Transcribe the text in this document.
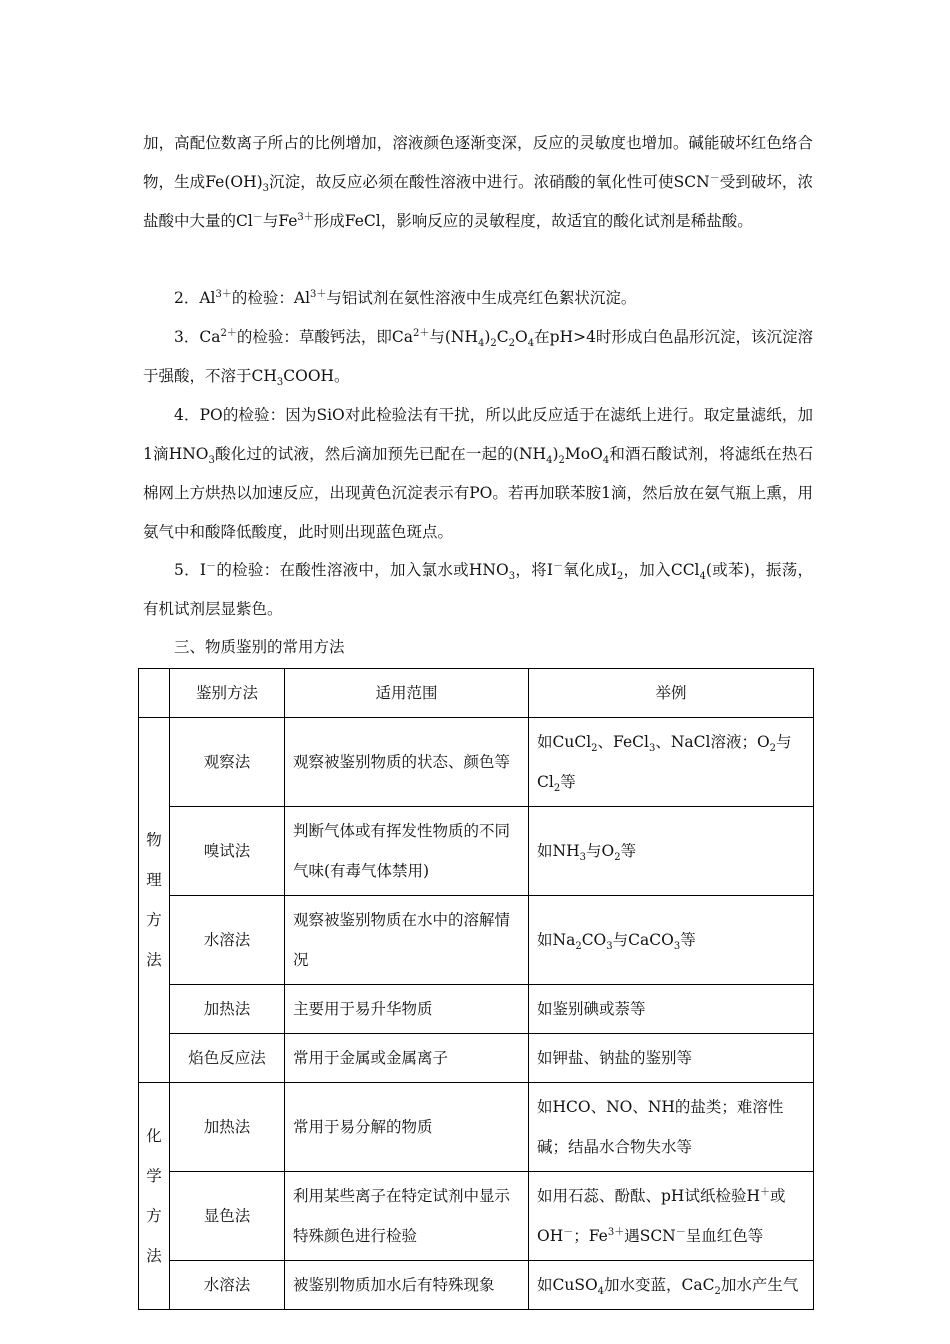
加，高配位数离子所占的比例增加，溶液颜色逐渐变深，反应的灵敏度也增加。碱能破坏红色络合物，生成$Fe(OH)_3$沉淀，故反应必须在酸性溶液中进行。浓硝酸的氧化性可使SCN－受到破坏，浓盐酸中大量的Cl－与$Fe^{3+}$形成FeCl，影响反应的灵敏程度，故适宜的酸化试剂是稀盐酸。

2．$Al^{3+}$的检验：$Al^{3+}$与铝试剂在氨性溶液中生成亮红色絮状沉淀。

3．$Ca^{2+}$的检验：草酸钙法，即$Ca^{2+}$与$(NH_4)_2C_2O_4$在pH>4时形成白色晶形沉淀，该沉淀溶于强酸，不溶于$CH_3COOH$。

4．PO的检验：因为SiO对此检验法有干扰，所以此反应适于在滤纸上进行。取定量滤纸，加1滴$HNO_3$酸化过的试液，然后滴加预先已配在一起的$(NH_4)_2MoO_4$和酒石酸试剂，将滤纸在热石棉网上方烘热以加速反应，出现黄色沉淀表示有PO。若再加联苯胺1滴，然后放在氨气瓶上熏，用氨气中和酸降低酸度，此时则出现蓝色斑点。

5．I－的检验：在酸性溶液中，加入氯水或$HNO_3$，将I－氧化成$I_2$，加入CCl$_4$(或苯)，振荡，有机试剂层显紫色。

三、物质鉴别的常用方法
	鉴别方法	适用范围	举例

物
理
方
法	观察法	观察被鉴别物质的状态、颜色等	如CuCl$_2$、FeCl$_3$、NaCl溶液；$O_2$与$Cl_2$等
	嗅试法	判断气体或有挥发性物质的不同气味(有毒气体禁用)	如$NH_3$与$O_2$等
	水溶法	观察被鉴别物质在水中的溶解情况	如$Na_2CO_3$与CaCO$_3$等
	加热法	主要用于易升华物质	如鉴别碘或萘等
	焰色反应法	常用于金属或金属离子	如钾盐、钠盐的鉴别等

化
学
方
法	加热法	常用于易分解的物质	如HCO、NO、NH的盐类；难溶性碱；结晶水合物失水等
	显色法	利用某些离子在特定试剂中显示特殊颜色进行检验	如用石蕊、酚酞、pH试纸检验H＋或OH－；$Fe^{3+}$遇SCN－呈血红色等
	水溶法	被鉴别物质加水后有特殊现象	如CuSO$_4$加水变蓝，CaC$_2$加水产生气
